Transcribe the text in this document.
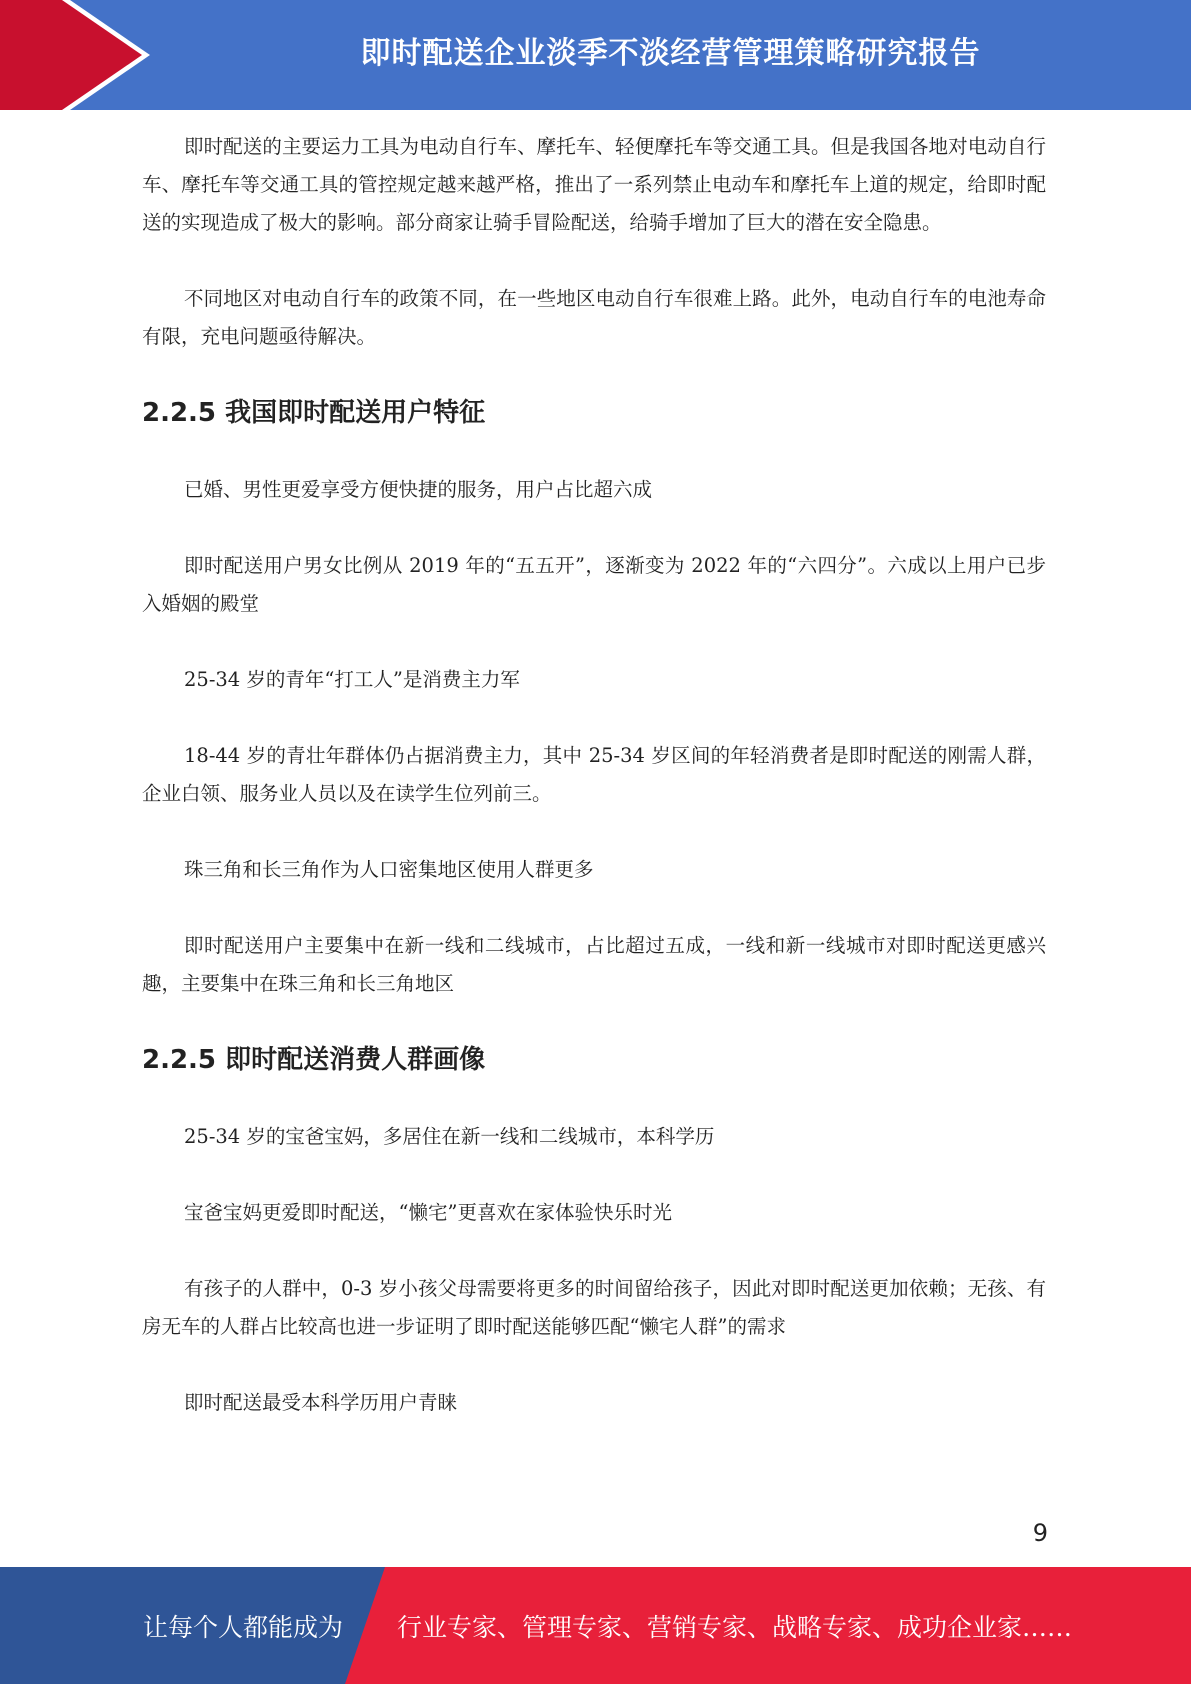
即时配送企业淡季不淡经营管理策略研究报告

即时配送的主要运力工具为电动自行车、摩托车、轻便摩托车等交通工具。但是我国各地对电动自行车、摩托车等交通工具的管控规定越来越严格，推出了一系列禁止电动车和摩托车上道的规定，给即时配送的实现造成了极大的影响。部分商家让骑手冒险配送，给骑手增加了巨大的潜在安全隐患。

不同地区对电动自行车的政策不同，在一些地区电动自行车很难上路。此外，电动自行车的电池寿命有限，充电问题亟待解决。

2.2.5 我国即时配送用户特征

已婚、男性更爱享受方便快捷的服务，用户占比超六成

即时配送用户男女比例从 2019 年的“五五开”，逐渐变为 2022 年的“六四分”。六成以上用户已步入婚姻的殿堂

25-34 岁的青年“打工人”是消费主力军

18-44 岁的青壮年群体仍占据消费主力，其中 25-34 岁区间的年轻消费者是即时配送的刚需人群，企业白领、服务业人员以及在读学生位列前三。

珠三角和长三角作为人口密集地区使用人群更多

即时配送用户主要集中在新一线和二线城市，占比超过五成，一线和新一线城市对即时配送更感兴趣，主要集中在珠三角和长三角地区

2.2.5 即时配送消费人群画像

25-34 岁的宝爸宝妈，多居住在新一线和二线城市，本科学历

宝爸宝妈更爱即时配送，“懒宅”更喜欢在家体验快乐时光

有孩子的人群中，0-3 岁小孩父母需要将更多的时间留给孩子，因此对即时配送更加依赖；无孩、有房无车的人群占比较高也进一步证明了即时配送能够匹配“懒宅人群”的需求

即时配送最受本科学历用户青睐

9
让每个人都能成为 行业专家、管理专家、营销专家、战略专家、成功企业家……
